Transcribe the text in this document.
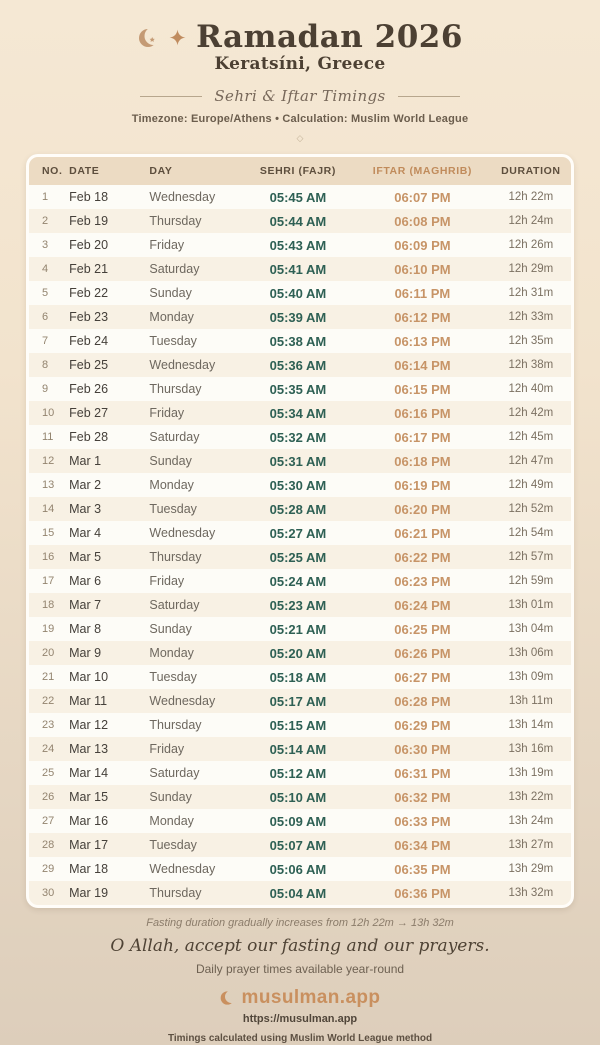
Ramadan 2026
Keratsíni, Greece
Sehri & Iftar Timings
Timezone: Europe/Athens • Calculation: Muslim World League
◇
NO.	DATE	DAY	SEHRI (FAJR)	IFTAR (MAGHRIB)	DURATION
1	Feb 18	Wednesday	05:45 AM	06:07 PM	12h 22m
2	Feb 19	Thursday	05:44 AM	06:08 PM	12h 24m
3	Feb 20	Friday	05:43 AM	06:09 PM	12h 26m
4	Feb 21	Saturday	05:41 AM	06:10 PM	12h 29m
5	Feb 22	Sunday	05:40 AM	06:11 PM	12h 31m
6	Feb 23	Monday	05:39 AM	06:12 PM	12h 33m
7	Feb 24	Tuesday	05:38 AM	06:13 PM	12h 35m
8	Feb 25	Wednesday	05:36 AM	06:14 PM	12h 38m
9	Feb 26	Thursday	05:35 AM	06:15 PM	12h 40m
10	Feb 27	Friday	05:34 AM	06:16 PM	12h 42m
11	Feb 28	Saturday	05:32 AM	06:17 PM	12h 45m
12	Mar 1	Sunday	05:31 AM	06:18 PM	12h 47m
13	Mar 2	Monday	05:30 AM	06:19 PM	12h 49m
14	Mar 3	Tuesday	05:28 AM	06:20 PM	12h 52m
15	Mar 4	Wednesday	05:27 AM	06:21 PM	12h 54m
16	Mar 5	Thursday	05:25 AM	06:22 PM	12h 57m
17	Mar 6	Friday	05:24 AM	06:23 PM	12h 59m
18	Mar 7	Saturday	05:23 AM	06:24 PM	13h 01m
19	Mar 8	Sunday	05:21 AM	06:25 PM	13h 04m
20	Mar 9	Monday	05:20 AM	06:26 PM	13h 06m
21	Mar 10	Tuesday	05:18 AM	06:27 PM	13h 09m
22	Mar 11	Wednesday	05:17 AM	06:28 PM	13h 11m
23	Mar 12	Thursday	05:15 AM	06:29 PM	13h 14m
24	Mar 13	Friday	05:14 AM	06:30 PM	13h 16m
25	Mar 14	Saturday	05:12 AM	06:31 PM	13h 19m
26	Mar 15	Sunday	05:10 AM	06:32 PM	13h 22m
27	Mar 16	Monday	05:09 AM	06:33 PM	13h 24m
28	Mar 17	Tuesday	05:07 AM	06:34 PM	13h 27m
29	Mar 18	Wednesday	05:06 AM	06:35 PM	13h 29m
30	Mar 19	Thursday	05:04 AM	06:36 PM	13h 32m
Fasting duration gradually increases from 12h 22m → 13h 32m
O Allah, accept our fasting and our prayers.
Daily prayer times available year-round
musulman.app
https://musulman.app
Timings calculated using Muslim World League method
